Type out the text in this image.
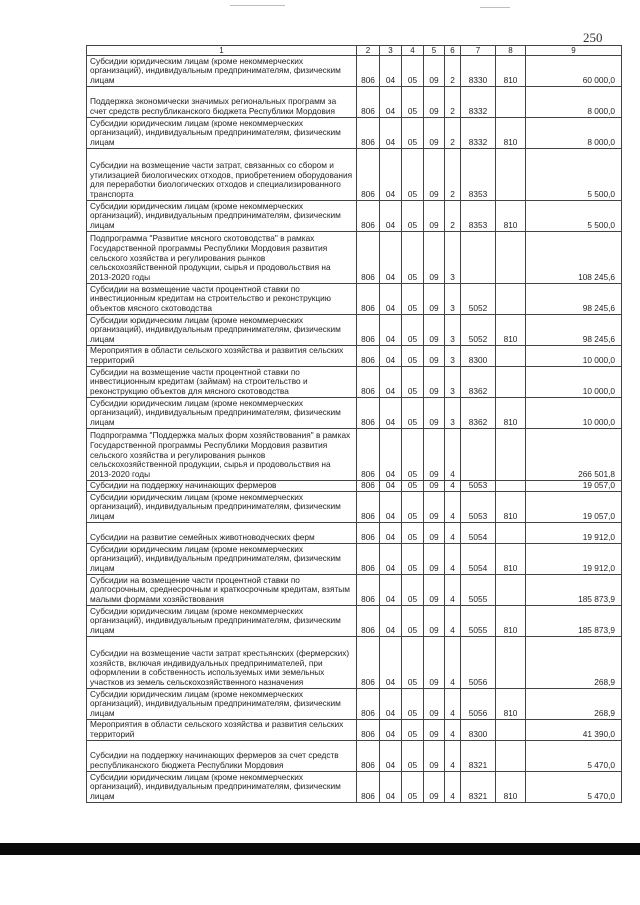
250
1	2	3	4	5	6	7	8	9
Субсидии юридическим лицам (кроме некоммерческих организаций), индивидуальным предпринимателям, физическим лицам	806	04	05	09	2	8330	810	60 000,0
Поддержка экономически значимых региональных программ за счет средств республиканского бюджета Республики Мордовия	806	04	05	09	2	8332		8 000,0
Субсидии юридическим лицам (кроме некоммерческих организаций), индивидуальным предпринимателям, физическим лицам	806	04	05	09	2	8332	810	8 000,0
Субсидии на возмещение части затрат, связанных со сбором и утилизацией биологических отходов, приобретением оборудования для переработки биологических отходов и специализированного транспорта	806	04	05	09	2	8353		5 500,0
Субсидии юридическим лицам (кроме некоммерческих организаций), индивидуальным предпринимателям, физическим лицам	806	04	05	09	2	8353	810	5 500,0
Подпрограмма "Развитие мясного скотоводства" в рамках Государственной программы Республики Мордовия развития сельского хозяйства и регулирования рынков сельскохозяйственной продукции, сырья и продовольствия на 2013-2020 годы	806	04	05	09	3			108 245,6
Субсидии на возмещение части процентной ставки по инвестиционным кредитам на строительство и реконструкцию объектов мясного скотоводства	806	04	05	09	3	5052		98 245,6
Субсидии юридическим лицам (кроме некоммерческих организаций), индивидуальным предпринимателям, физическим лицам	806	04	05	09	3	5052	810	98 245,6
Мероприятия в области сельского хозяйства и развития сельских территорий	806	04	05	09	3	8300		10 000,0
Субсидии на возмещение части процентной ставки по инвестиционным кредитам (займам) на строительство и реконструкцию объектов для мясного скотоводства	806	04	05	09	3	8362		10 000,0
Субсидии юридическим лицам (кроме некоммерческих организаций), индивидуальным предпринимателям, физическим лицам	806	04	05	09	3	8362	810	10 000,0
Подпрограмма "Поддержка малых форм хозяйствования" в рамках Государственной программы Республики Мордовия развития сельского хозяйства и регулирования рынков сельскохозяйственной продукции, сырья и продовольствия на 2013-2020 годы	806	04	05	09	4			266 501,8
Субсидии на поддержку начинающих фермеров	806	04	05	09	4	5053		19 057,0
Субсидии юридическим лицам (кроме некоммерческих организаций), индивидуальным предпринимателям, физическим лицам	806	04	05	09	4	5053	810	19 057,0
Субсидии на развитие семейных животноводческих ферм	806	04	05	09	4	5054		19 912,0
Субсидии юридическим лицам (кроме некоммерческих организаций), индивидуальным предпринимателям, физическим лицам	806	04	05	09	4	5054	810	19 912,0
Субсидии на возмещение части процентной ставки по долгосрочным, среднесрочным и краткосрочным кредитам, взятым малыми формами хозяйствования	806	04	05	09	4	5055		185 873,9
Субсидии юридическим лицам (кроме некоммерческих организаций), индивидуальным предпринимателям, физическим лицам	806	04	05	09	4	5055	810	185 873,9
Субсидии на возмещение части затрат крестьянских (фермерских) хозяйств, включая индивидуальных предпринимателей, при оформлении в собственность используемых ими земельных участков из земель сельскохозяйственного назначения	806	04	05	09	4	5056		268,9
Субсидии юридическим лицам (кроме некоммерческих организаций), индивидуальным предпринимателям, физическим лицам	806	04	05	09	4	5056	810	268,9
Мероприятия в области сельского хозяйства и развития сельских территорий	806	04	05	09	4	8300		41 390,0
Субсидии на поддержку начинающих фермеров за счет средств республиканского бюджета Республики Мордовия	806	04	05	09	4	8321		5 470,0
Субсидии юридическим лицам (кроме некоммерческих организаций), индивидуальным предпринимателям, физическим лицам	806	04	05	09	4	8321	810	5 470,0
